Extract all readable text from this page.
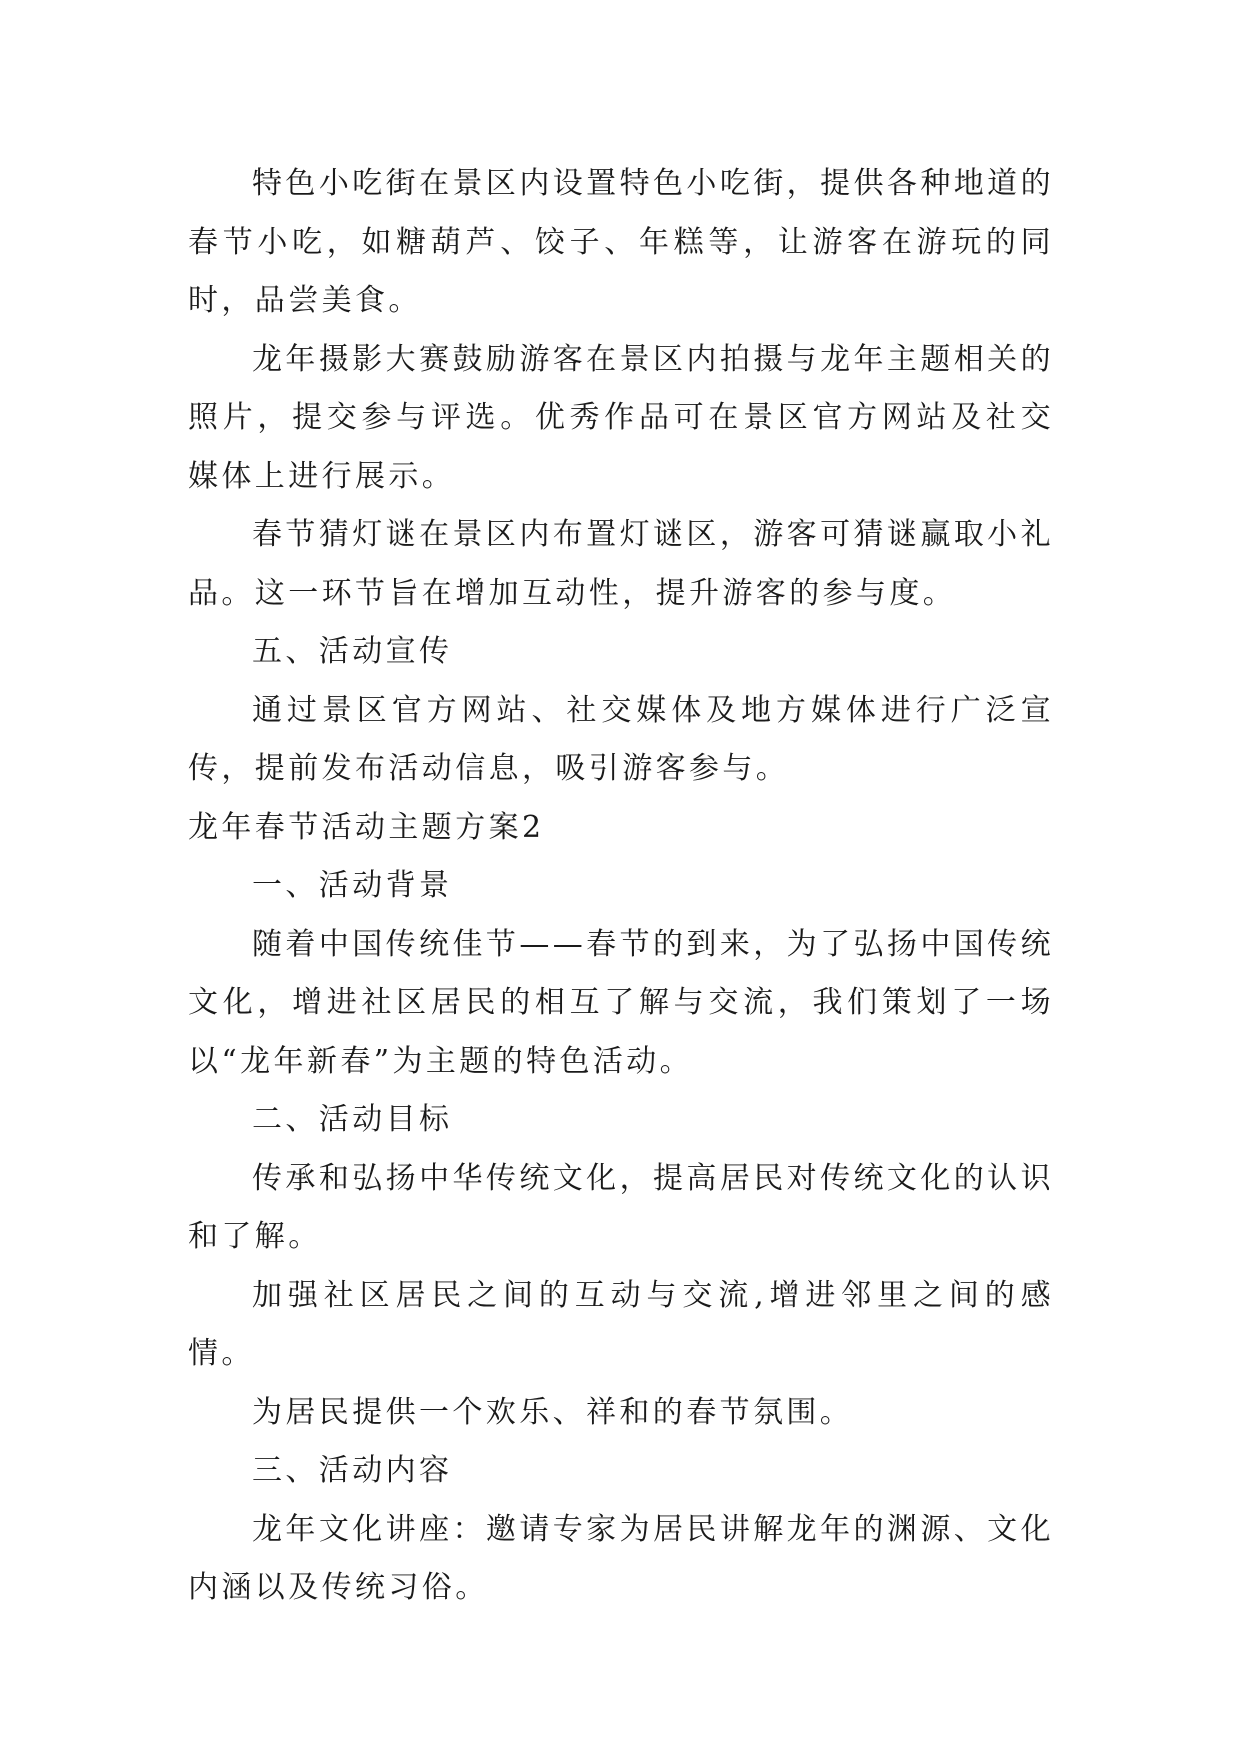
特色小吃街在景区内设置特色小吃街，提供各种地道的春节小吃，如糖葫芦、饺子、年糕等，让游客在游玩的同时，品尝美食。

龙年摄影大赛鼓励游客在景区内拍摄与龙年主题相关的照片，提交参与评选。优秀作品可在景区官方网站及社交媒体上进行展示。

春节猜灯谜在景区内布置灯谜区，游客可猜谜赢取小礼品。这一环节旨在增加互动性，提升游客的参与度。

五、活动宣传

通过景区官方网站、社交媒体及地方媒体进行广泛宣传，提前发布活动信息，吸引游客参与。

龙年春节活动主题方案2

一、活动背景

随着中国传统佳节——春节的到来，为了弘扬中国传统文化，增进社区居民的相互了解与交流，我们策划了一场以“龙年新春”为主题的特色活动。

二、活动目标

传承和弘扬中华传统文化，提高居民对传统文化的认识和了解。

加强社区居民之间的互动与交流,增进邻里之间的感情。

为居民提供一个欢乐、祥和的春节氛围。

三、活动内容

龙年文化讲座：邀请专家为居民讲解龙年的渊源、文化内涵以及传统习俗。
